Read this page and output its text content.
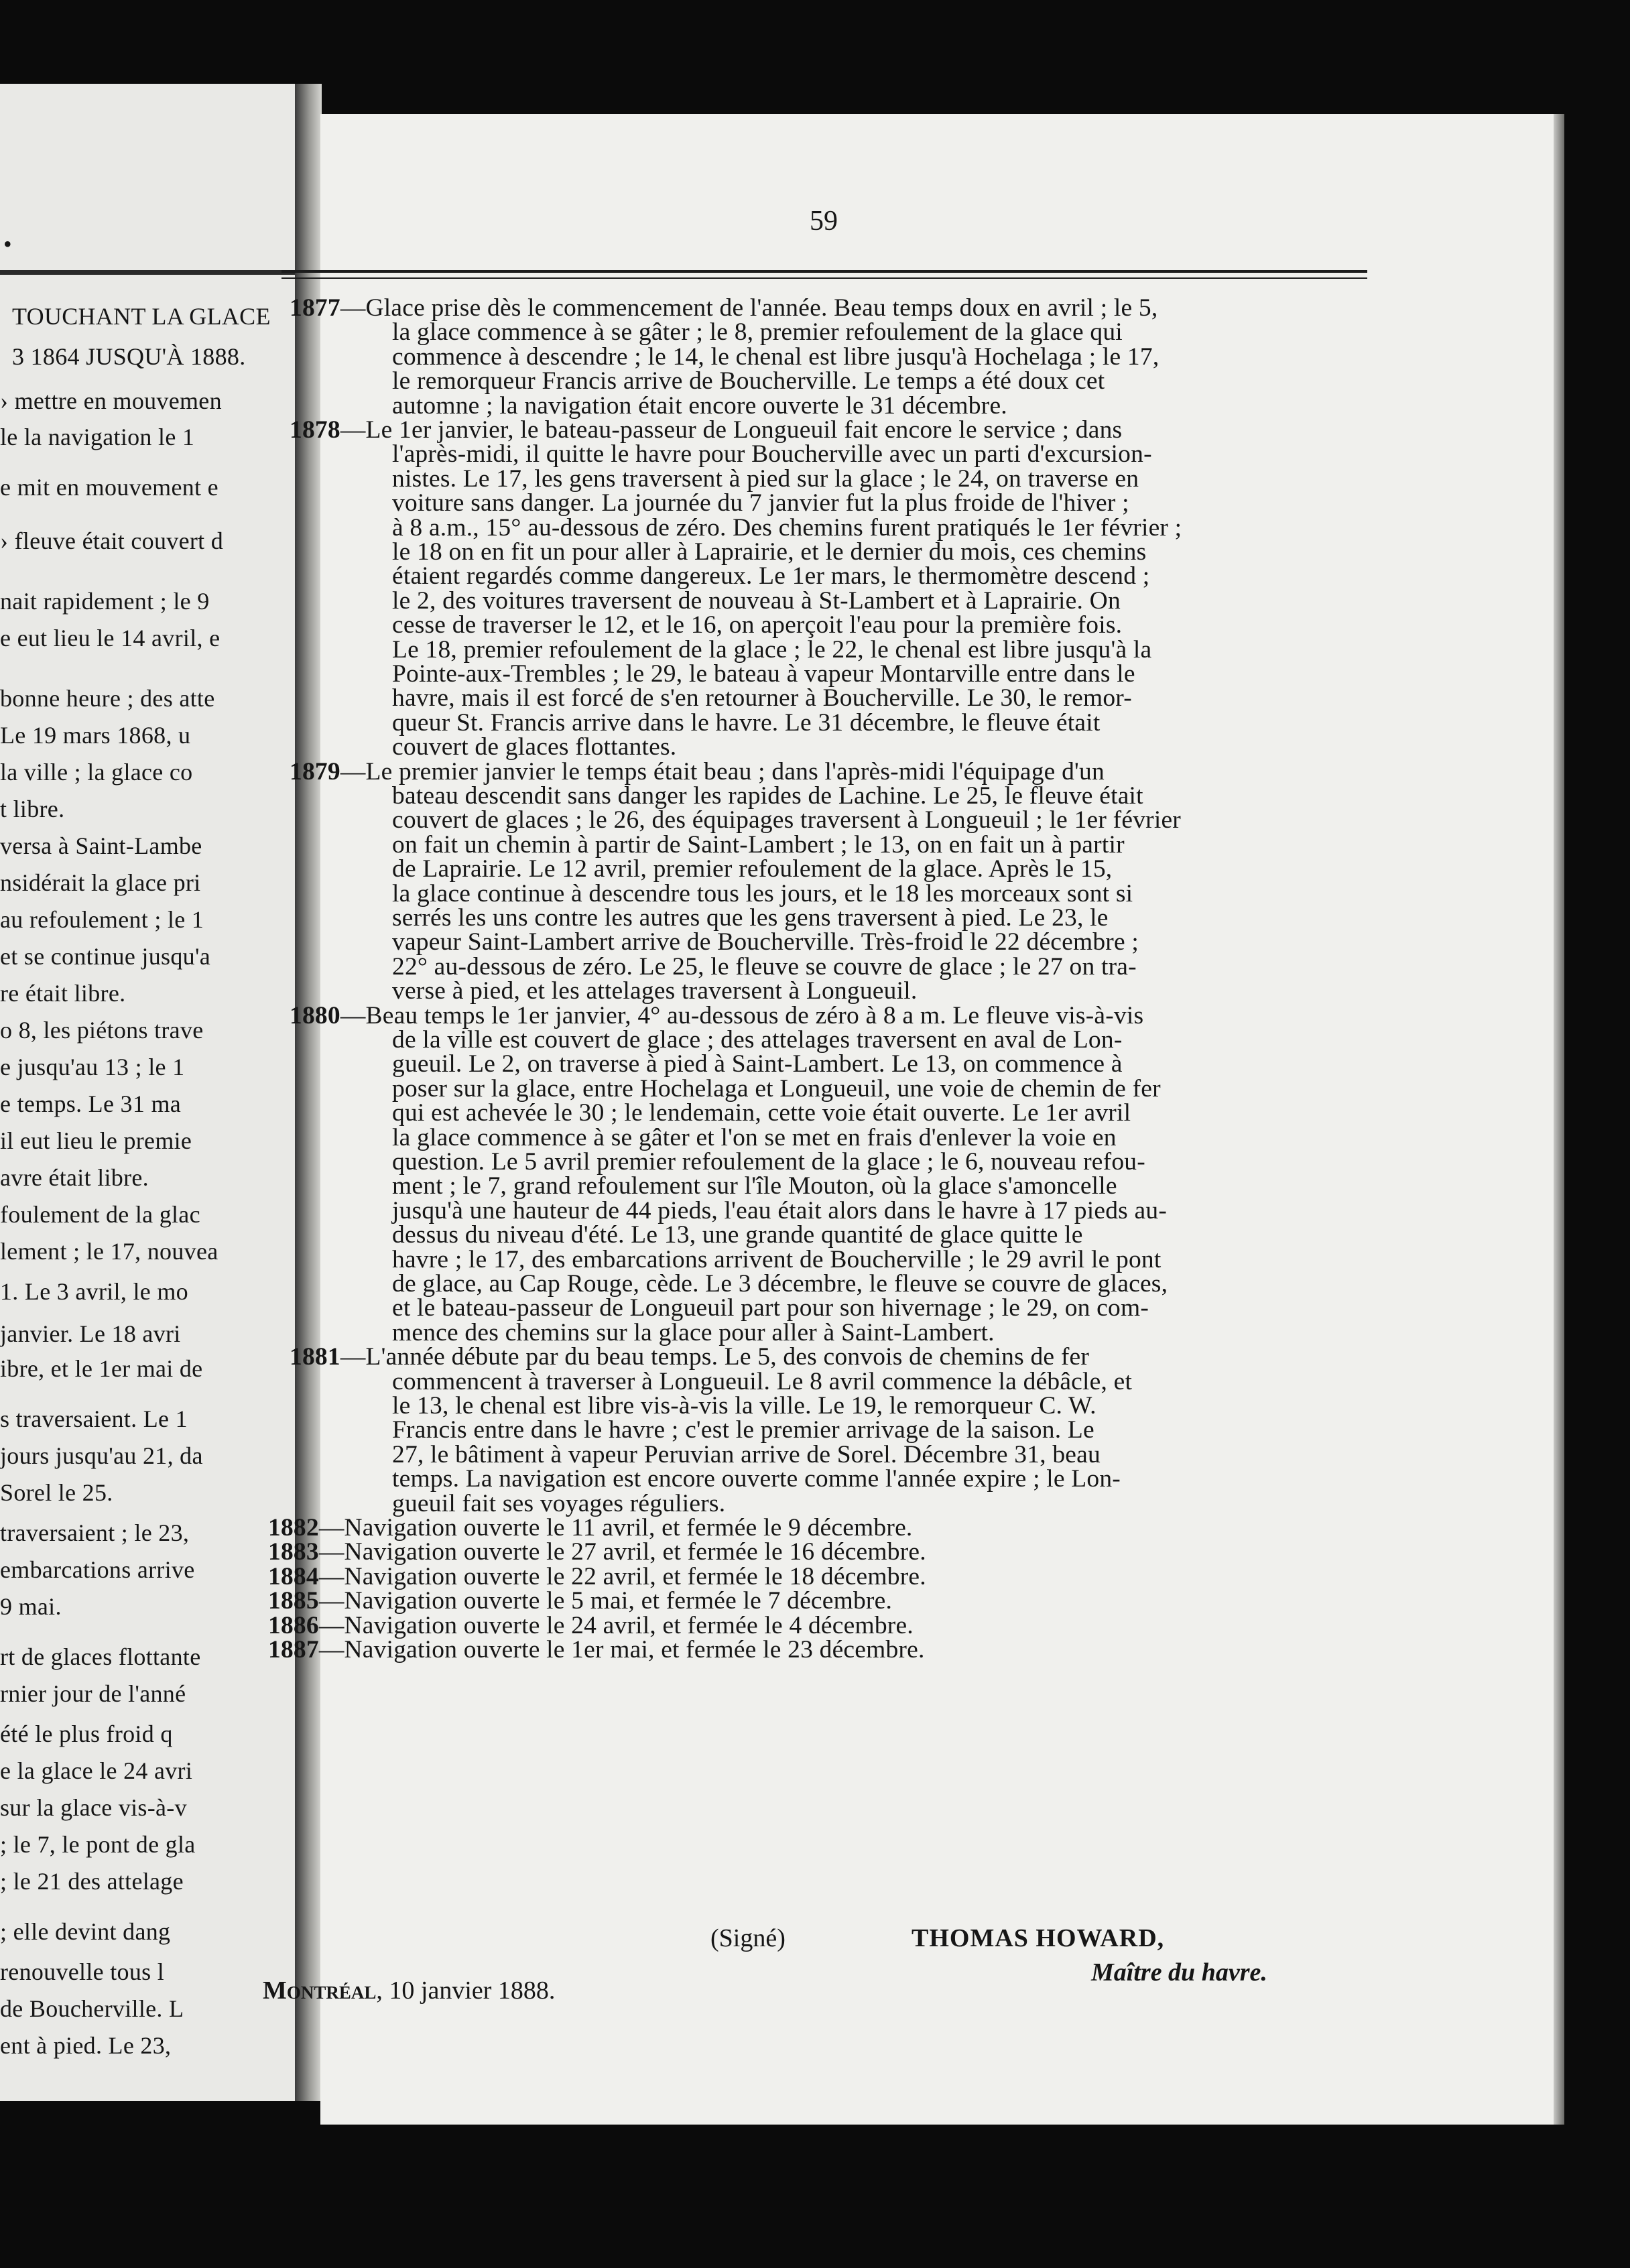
•
TOUCHANT LA GLACE
3 1864 JUSQU'À 1888.
› mettre en mouvemen
le la navigation le 1
e mit en mouvement e
› fleuve était couvert d
nait rapidement ; le 9
e eut lieu le 14 avril, e
bonne heure ; des atte
Le 19 mars 1868, u
la ville ; la glace co
t libre.
versa à Saint-Lambe
nsidérait la glace pri
au refoulement ; le 1
et se continue jusqu'a
re était libre.
o 8, les piétons trave
e jusqu'au 13 ; le 1
e temps. Le 31 ma
il eut lieu le premie
avre était libre.
foulement de la glac
lement ; le 17, nouvea
1. Le 3 avril, le mo
janvier. Le 18 avri
ibre, et le 1er mai de
s traversaient. Le 1
jours jusqu'au 21, da
Sorel le 25.
traversaient ; le 23,
embarcations arrive
9 mai.
rt de glaces flottante
rnier jour de l'anné
été le plus froid q
e la glace le 24 avri
sur la glace vis-à-v
; le 7, le pont de gla
; le 21 des attelage
; elle devint dang
renouvelle tous l
de Boucherville. L
ent à pied. Le 23,
59
1877—Glace prise dès le commencement de l'année. Beau temps doux en avril ; le 5,
la glace commence à se gâter ; le 8, premier refoulement de la glace qui
commence à descendre ; le 14, le chenal est libre jusqu'à Hochelaga ; le 17,
le remorqueur Francis arrive de Boucherville. Le temps a été doux cet
automne ; la navigation était encore ouverte le 31 décembre.
1878—Le 1er janvier, le bateau-passeur de Longueuil fait encore le service ; dans
l'après-midi, il quitte le havre pour Boucherville avec un parti d'excursion-
nistes. Le 17, les gens traversent à pied sur la glace ; le 24, on traverse en
voiture sans danger. La journée du 7 janvier fut la plus froide de l'hiver ;
à 8 a.m., 15° au-dessous de zéro. Des chemins furent pratiqués le 1er février ;
le 18 on en fit un pour aller à Laprairie, et le dernier du mois, ces chemins
étaient regardés comme dangereux. Le 1er mars, le thermomètre descend ;
le 2, des voitures traversent de nouveau à St-Lambert et à Laprairie. On
cesse de traverser le 12, et le 16, on aperçoit l'eau pour la première fois.
Le 18, premier refoulement de la glace ; le 22, le chenal est libre jusqu'à la
Pointe-aux-Trembles ; le 29, le bateau à vapeur Montarville entre dans le
havre, mais il est forcé de s'en retourner à Boucherville. Le 30, le remor-
queur St. Francis arrive dans le havre. Le 31 décembre, le fleuve était
couvert de glaces flottantes.
1879—Le premier janvier le temps était beau ; dans l'après-midi l'équipage d'un
bateau descendit sans danger les rapides de Lachine. Le 25, le fleuve était
couvert de glaces ; le 26, des équipages traversent à Longueuil ; le 1er février
on fait un chemin à partir de Saint-Lambert ; le 13, on en fait un à partir
de Laprairie. Le 12 avril, premier refoulement de la glace. Après le 15,
la glace continue à descendre tous les jours, et le 18 les morceaux sont si
serrés les uns contre les autres que les gens traversent à pied. Le 23, le
vapeur Saint-Lambert arrive de Boucherville. Très-froid le 22 décembre ;
22° au-dessous de zéro. Le 25, le fleuve se couvre de glace ; le 27 on tra-
verse à pied, et les attelages traversent à Longueuil.
1880—Beau temps le 1er janvier, 4° au-dessous de zéro à 8 a m. Le fleuve vis-à-vis
de la ville est couvert de glace ; des attelages traversent en aval de Lon-
gueuil. Le 2, on traverse à pied à Saint-Lambert. Le 13, on commence à
poser sur la glace, entre Hochelaga et Longueuil, une voie de chemin de fer
qui est achevée le 30 ; le lendemain, cette voie était ouverte. Le 1er avril
la glace commence à se gâter et l'on se met en frais d'enlever la voie en
question. Le 5 avril premier refoulement de la glace ; le 6, nouveau refou-
ment ; le 7, grand refoulement sur l'île Mouton, où la glace s'amoncelle
jusqu'à une hauteur de 44 pieds, l'eau était alors dans le havre à 17 pieds au-
dessus du niveau d'été. Le 13, une grande quantité de glace quitte le
havre ; le 17, des embarcations arrivent de Boucherville ; le 29 avril le pont
de glace, au Cap Rouge, cède. Le 3 décembre, le fleuve se couvre de glaces,
et le bateau-passeur de Longueuil part pour son hivernage ; le 29, on com-
mence des chemins sur la glace pour aller à Saint-Lambert.
1881—L'année débute par du beau temps. Le 5, des convois de chemins de fer
commencent à traverser à Longueuil. Le 8 avril commence la débâcle, et
le 13, le chenal est libre vis-à-vis la ville. Le 19, le remorqueur C. W.
Francis entre dans le havre ; c'est le premier arrivage de la saison. Le
27, le bâtiment à vapeur Peruvian arrive de Sorel. Décembre 31, beau
temps. La navigation est encore ouverte comme l'année expire ; le Lon-
gueuil fait ses voyages réguliers.
1882—Navigation ouverte le 11 avril, et fermée le 9 décembre.
1883—Navigation ouverte le 27 avril, et fermée le 16 décembre.
1884—Navigation ouverte le 22 avril, et fermée le 18 décembre.
1885—Navigation ouverte le 5 mai, et fermée le 7 décembre.
1886—Navigation ouverte le 24 avril, et fermée le 4 décembre.
1887—Navigation ouverte le 1er mai, et fermée le 23 décembre.
(Signé)	THOMAS HOWARD,
Maître du havre.
Montréal, 10 janvier 1888.
